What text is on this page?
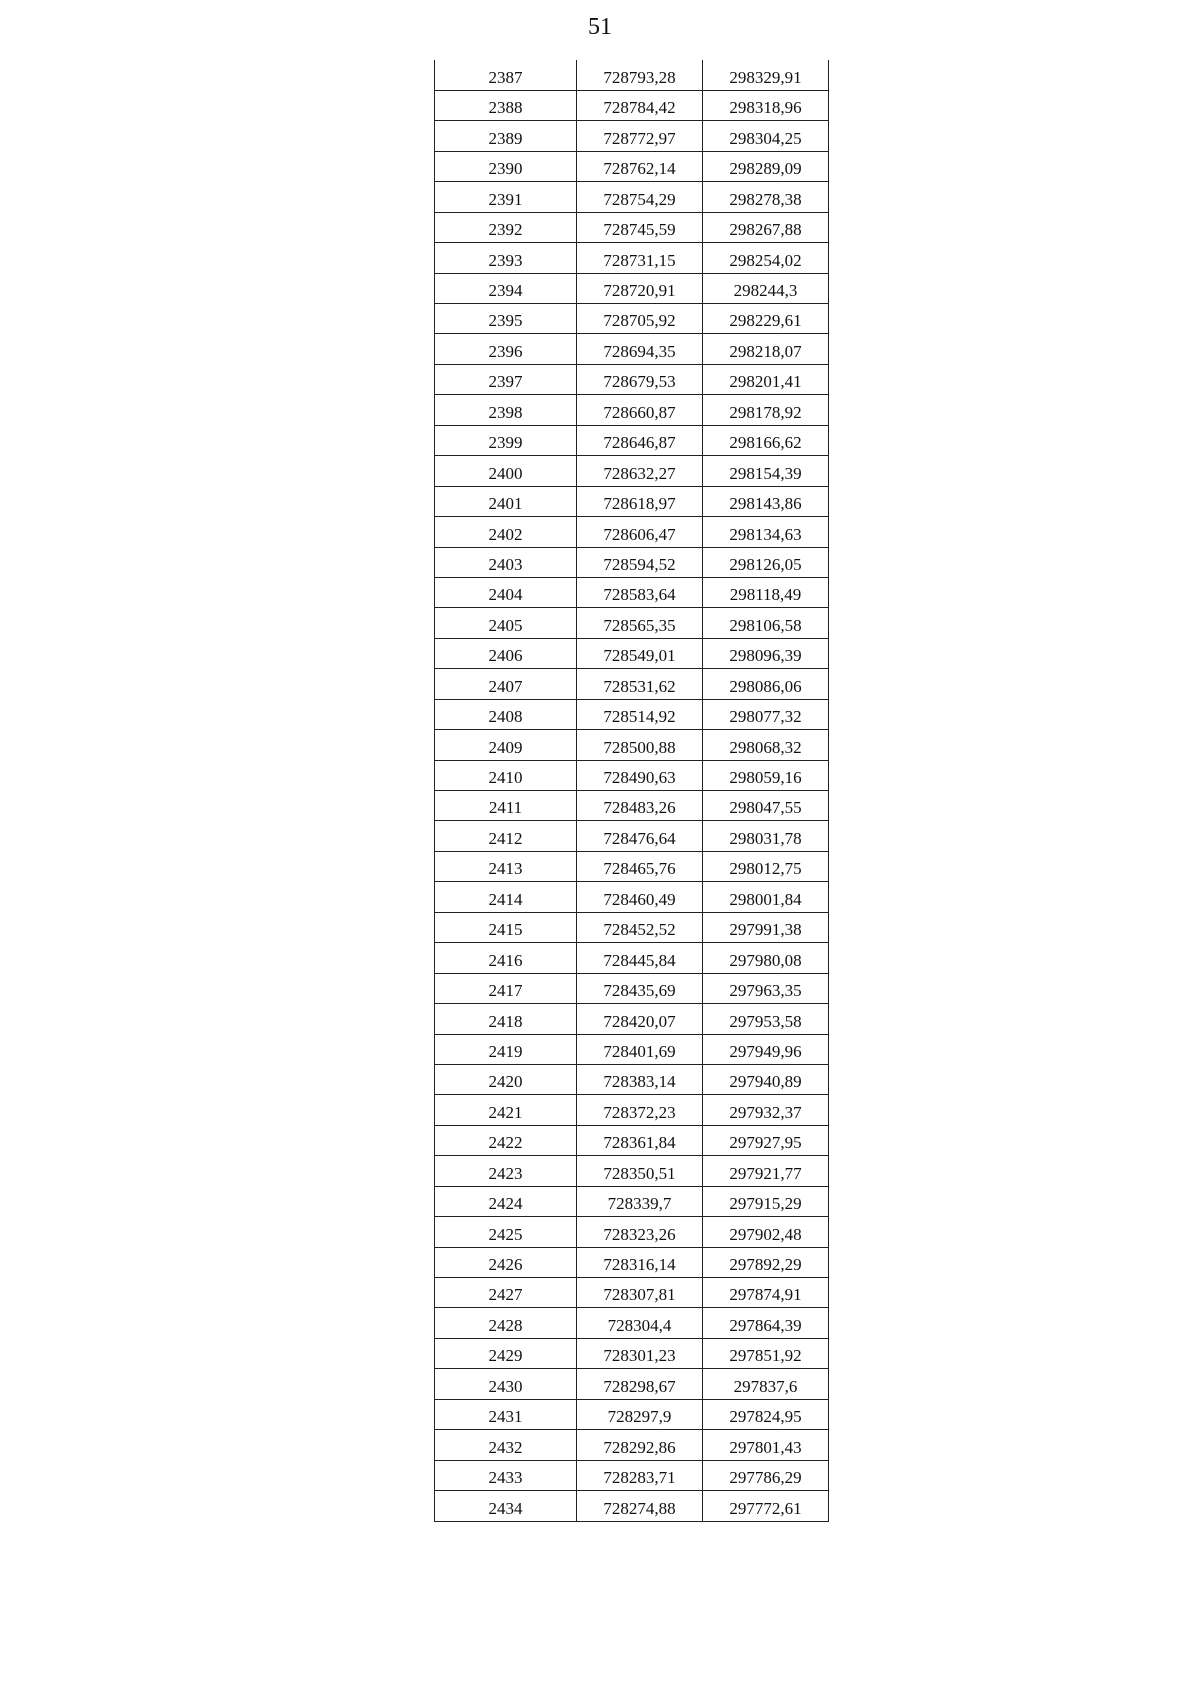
51
2387	728793,28	298329,91
2388	728784,42	298318,96
2389	728772,97	298304,25
2390	728762,14	298289,09
2391	728754,29	298278,38
2392	728745,59	298267,88
2393	728731,15	298254,02
2394	728720,91	298244,3
2395	728705,92	298229,61
2396	728694,35	298218,07
2397	728679,53	298201,41
2398	728660,87	298178,92
2399	728646,87	298166,62
2400	728632,27	298154,39
2401	728618,97	298143,86
2402	728606,47	298134,63
2403	728594,52	298126,05
2404	728583,64	298118,49
2405	728565,35	298106,58
2406	728549,01	298096,39
2407	728531,62	298086,06
2408	728514,92	298077,32
2409	728500,88	298068,32
2410	728490,63	298059,16
2411	728483,26	298047,55
2412	728476,64	298031,78
2413	728465,76	298012,75
2414	728460,49	298001,84
2415	728452,52	297991,38
2416	728445,84	297980,08
2417	728435,69	297963,35
2418	728420,07	297953,58
2419	728401,69	297949,96
2420	728383,14	297940,89
2421	728372,23	297932,37
2422	728361,84	297927,95
2423	728350,51	297921,77
2424	728339,7	297915,29
2425	728323,26	297902,48
2426	728316,14	297892,29
2427	728307,81	297874,91
2428	728304,4	297864,39
2429	728301,23	297851,92
2430	728298,67	297837,6
2431	728297,9	297824,95
2432	728292,86	297801,43
2433	728283,71	297786,29
2434	728274,88	297772,61
